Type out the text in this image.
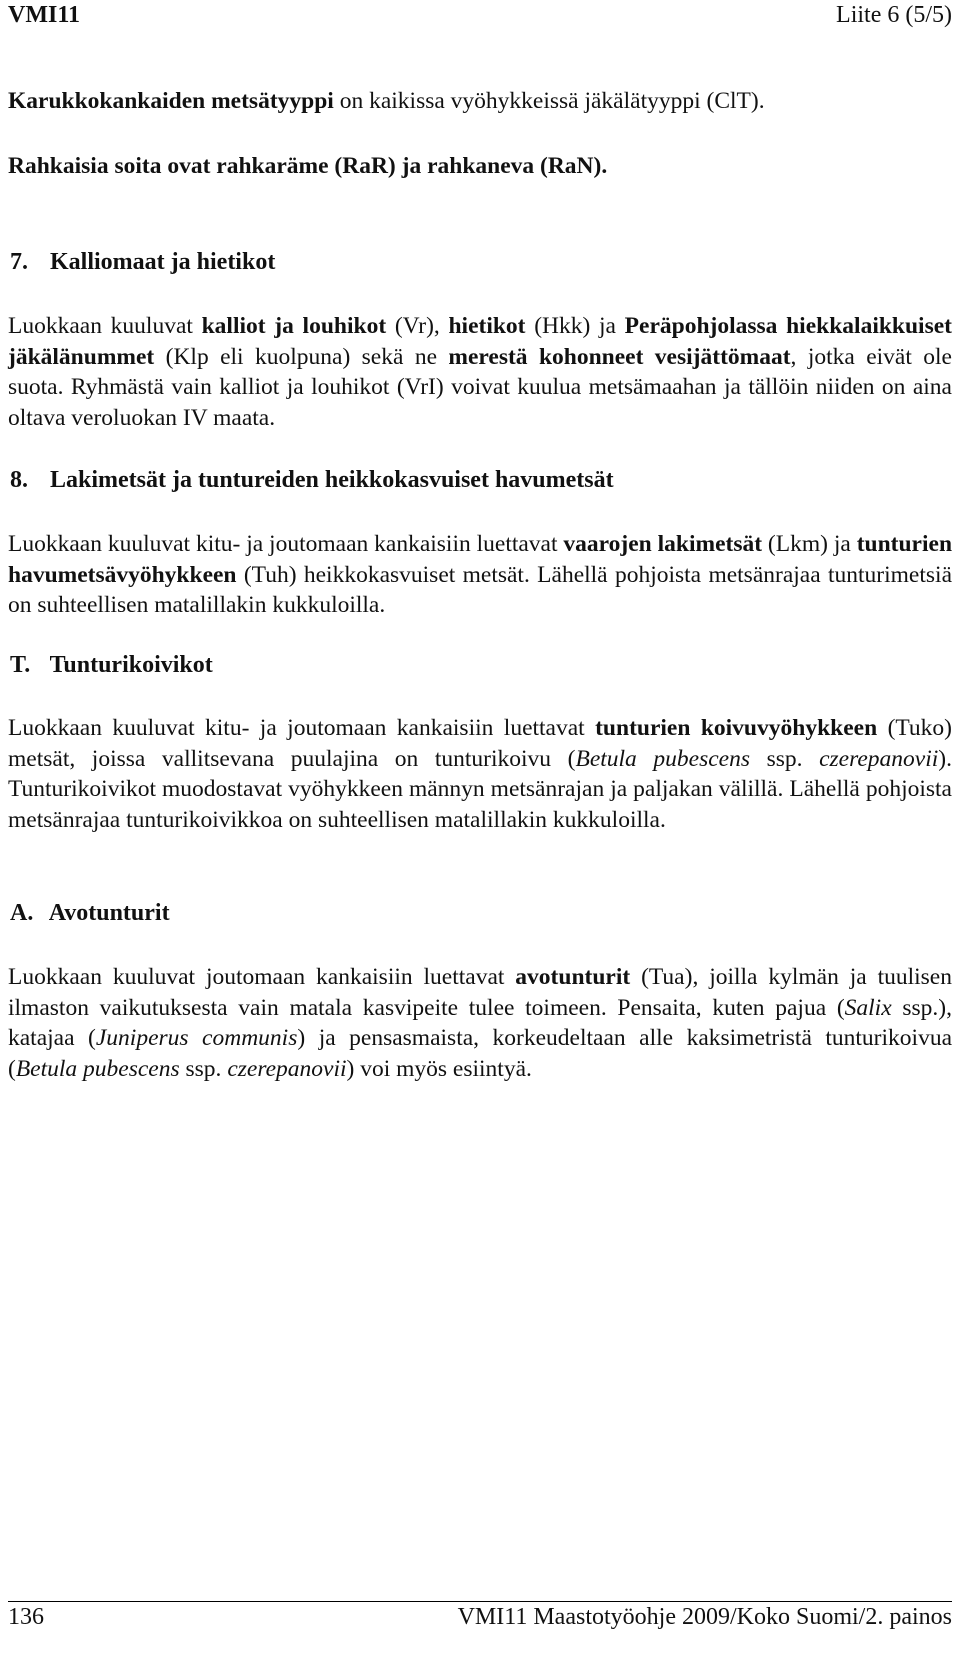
VMI11	Liite 6 (5/5)

Karukkokankaiden metsätyyppi on kaikissa vyöhykkeissä jäkälätyyppi (ClT).

Rahkaisia soita ovat rahkaräme (RaR) ja rahkaneva (RaN).

7. Kalliomaat ja hietikot

Luokkaan kuuluvat kalliot ja louhikot (Vr), hietikot (Hkk) ja Peräpohjolassa hiekkalaikkuiset jäkälänummet (Klp eli kuolpuna) sekä ne merestä kohonneet vesijättömaat, jotka eivät ole suota. Ryhmästä vain kalliot ja louhikot (VrI) voivat kuulua metsämaahan ja tällöin niiden on aina oltava veroluokan IV maata.

8. Lakimetsät ja tuntureiden heikkokasvuiset havumetsät

Luokkaan kuuluvat kitu- ja joutomaan kankaisiin luettavat vaarojen lakimetsät (Lkm) ja tunturien havumetsävyöhykkeen (Tuh) heikkokasvuiset metsät. Lähellä pohjoista metsänrajaa tunturimetsiä on suhteellisen matalillakin kukkuloilla.

T. Tunturikoivikot

Luokkaan kuuluvat kitu- ja joutomaan kankaisiin luettavat tunturien koivuvyöhykkeen (Tuko) metsät, joissa vallitsevana puulajina on tunturikoivu (Betula pubescens ssp. czerepanovii). Tunturikoivikot muodostavat vyöhykkeen männyn metsänrajan ja paljakan välillä. Lähellä pohjoista metsänrajaa tunturikoivikkoa on suhteellisen matalillakin kukkuloilla.

A. Avotunturit

Luokkaan kuuluvat joutomaan kankaisiin luettavat avotunturit (Tua), joilla kylmän ja tuulisen ilmaston vaikutuksesta vain matala kasvipeite tulee toimeen. Pensaita, kuten pajua (Salix ssp.), katajaa (Juniperus communis) ja pensasmaista, korkeudeltaan alle kaksimetristä tunturikoivua (Betula pubescens ssp. czerepanovii) voi myös esiintyä.

136	VMI11 Maastotyöohje 2009/Koko Suomi/2. painos
